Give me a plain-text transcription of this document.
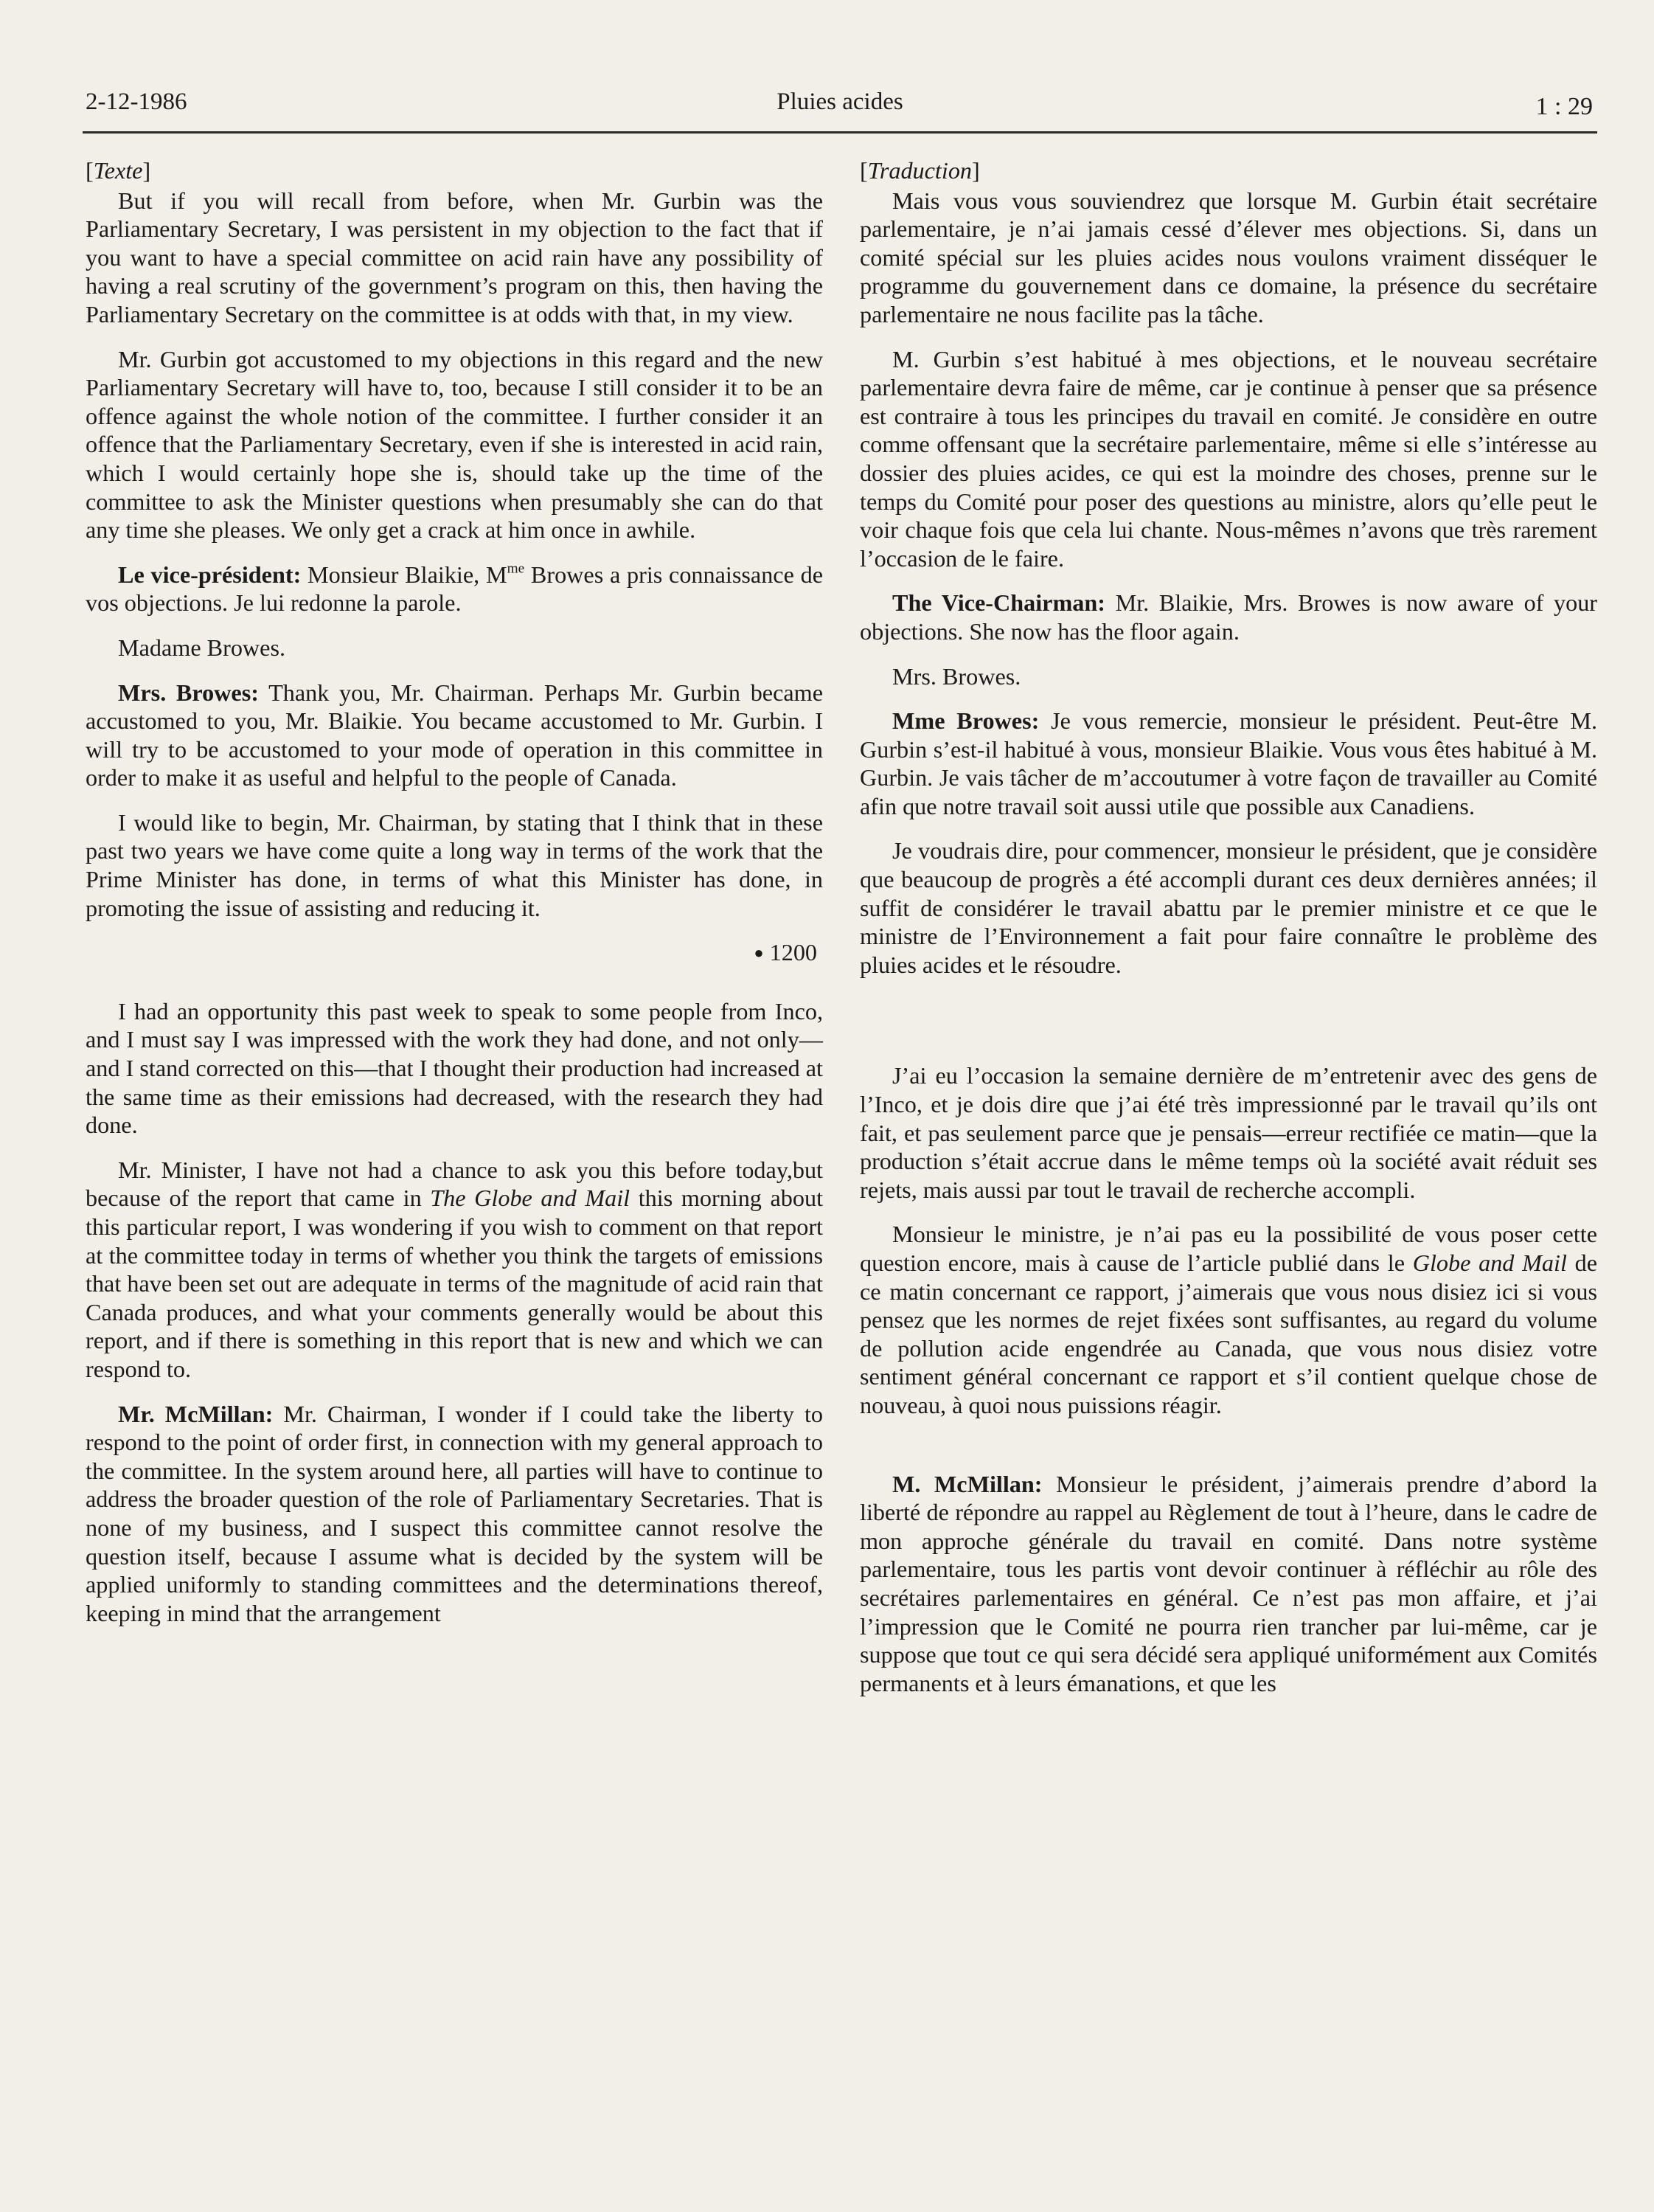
2-12-1986	Pluies acides	1 : 29

[Texte]

But if you will recall from before, when Mr. Gurbin was the Parliamentary Secretary, I was persistent in my objection to the fact that if you want to have a special committee on acid rain have any possibility of having a real scrutiny of the government’s program on this, then having the Parliamentary Secretary on the committee is at odds with that, in my view.

Mr. Gurbin got accustomed to my objections in this regard and the new Parliamentary Secretary will have to, too, because I still consider it to be an offence against the whole notion of the committee. I further consider it an offence that the Parliamentary Secretary, even if she is interested in acid rain, which I would certainly hope she is, should take up the time of the committee to ask the Minister questions when presumably she can do that any time she pleases. We only get a crack at him once in awhile.

Le vice-président: Monsieur Blaikie, $M^{me}$ Browes a pris connaissance de vos objections. Je lui redonne la parole.

Madame Browes.

Mrs. Browes: Thank you, Mr. Chairman. Perhaps Mr. Gurbin became accustomed to you, Mr. Blaikie. You became accustomed to Mr. Gurbin. I will try to be accustomed to your mode of operation in this committee in order to make it as useful and helpful to the people of Canada.

I would like to begin, Mr. Chairman, by stating that I think that in these past two years we have come quite a long way in terms of the work that the Prime Minister has done, in terms of what this Minister has done, in promoting the issue of assisting and reducing it.

● 1200

I had an opportunity this past week to speak to some people from Inco, and I must say I was impressed with the work they had done, and not only—and I stand corrected on this—that I thought their production had increased at the same time as their emissions had decreased, with the research they had done.

Mr. Minister, I have not had a chance to ask you this before today,but because of the report that came in The Globe and Mail this morning about this particular report, I was wondering if you wish to comment on that report at the committee today in terms of whether you think the targets of emissions that have been set out are adequate in terms of the magnitude of acid rain that Canada produces, and what your comments generally would be about this report, and if there is something in this report that is new and which we can respond to.

Mr. McMillan: Mr. Chairman, I wonder if I could take the liberty to respond to the point of order first, in connection with my general approach to the committee. In the system around here, all parties will have to continue to address the broader question of the role of Parliamentary Secretaries. That is none of my business, and I suspect this committee cannot resolve the question itself, because I assume what is decided by the system will be applied uniformly to standing committees and the determinations thereof, keeping in mind that the arrangement

[Traduction]

Mais vous vous souviendrez que lorsque M. Gurbin était secrétaire parlementaire, je n’ai jamais cessé d’élever mes objections. Si, dans un comité spécial sur les pluies acides nous voulons vraiment disséquer le programme du gouvernement dans ce domaine, la présence du secrétaire parlementaire ne nous facilite pas la tâche.

M. Gurbin s’est habitué à mes objections, et le nouveau secrétaire parlementaire devra faire de même, car je continue à penser que sa présence est contraire à tous les principes du travail en comité. Je considère en outre comme offensant que la secrétaire parlementaire, même si elle s’intéresse au dossier des pluies acides, ce qui est la moindre des choses, prenne sur le temps du Comité pour poser des questions au ministre, alors qu’elle peut le voir chaque fois que cela lui chante. Nous-mêmes n’avons que très rarement l’occasion de le faire.

The Vice-Chairman: Mr. Blaikie, Mrs. Browes is now aware of your objections. She now has the floor again.

Mrs. Browes.

Mme Browes: Je vous remercie, monsieur le président. Peut-être M. Gurbin s’est-il habitué à vous, monsieur Blaikie. Vous vous êtes habitué à M. Gurbin. Je vais tâcher de m’accoutumer à votre façon de travailler au Comité afin que notre travail soit aussi utile que possible aux Canadiens.

Je voudrais dire, pour commencer, monsieur le président, que je considère que beaucoup de progrès a été accompli durant ces deux dernières années; il suffit de considérer le travail abattu par le premier ministre et ce que le ministre de l’Environnement a fait pour faire connaître le problème des pluies acides et le résoudre.

J’ai eu l’occasion la semaine dernière de m’entretenir avec des gens de l’Inco, et je dois dire que j’ai été très impressionné par le travail qu’ils ont fait, et pas seulement parce que je pensais—erreur rectifiée ce matin—que la production s’était accrue dans le même temps où la société avait réduit ses rejets, mais aussi par tout le travail de recherche accompli.

Monsieur le ministre, je n’ai pas eu la possibilité de vous poser cette question encore, mais à cause de l’article publié dans le Globe and Mail de ce matin concernant ce rapport, j’aimerais que vous nous disiez ici si vous pensez que les normes de rejet fixées sont suffisantes, au regard du volume de pollution acide engendrée au Canada, que vous nous disiez votre sentiment général concernant ce rapport et s’il contient quelque chose de nouveau, à quoi nous puissions réagir.

M. McMillan: Monsieur le président, j’aimerais prendre d’abord la liberté de répondre au rappel au Règlement de tout à l’heure, dans le cadre de mon approche générale du travail en comité. Dans notre système parlementaire, tous les partis vont devoir continuer à réfléchir au rôle des secrétaires parlementaires en général. Ce n’est pas mon affaire, et j’ai l’impression que le Comité ne pourra rien trancher par lui-même, car je suppose que tout ce qui sera décidé sera appliqué uniformément aux Comités permanents et à leurs émanations, et que les
